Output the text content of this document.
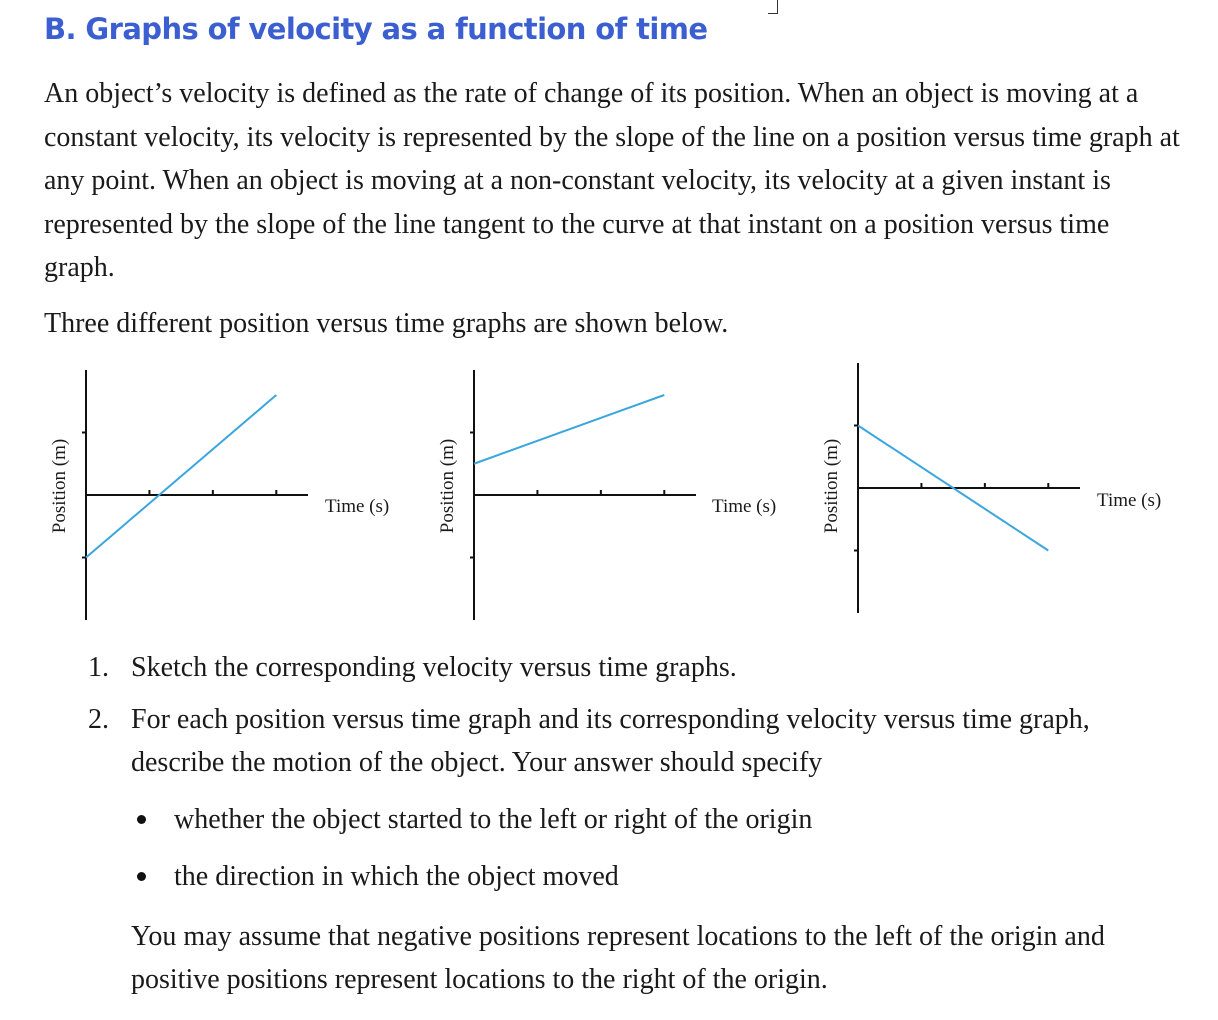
B. Graphs of velocity as a function of time

An object’s velocity is defined as the rate of change of its position. When an object is moving at a constant velocity, its velocity is represented by the slope of the line on a position versus time graph at any point. When an object is moving at a non-constant velocity, its velocity at a given instant is represented by the slope of the line tangent to the curve at that instant on a position versus time graph.

Three different position versus time graphs are shown below.

Position (m)	Time (s)	Position (m)	Time (s) Position (m)	Time (s)
1. Sketch the corresponding velocity versus time graphs.
2. For each position versus time graph and its corresponding velocity versus time graph, describe the motion of the object. Your answer should specify
whether the object started to the left or right of the origin
the direction in which the object moved

You may assume that negative positions represent locations to the left of the origin and positive positions represent locations to the right of the origin.
